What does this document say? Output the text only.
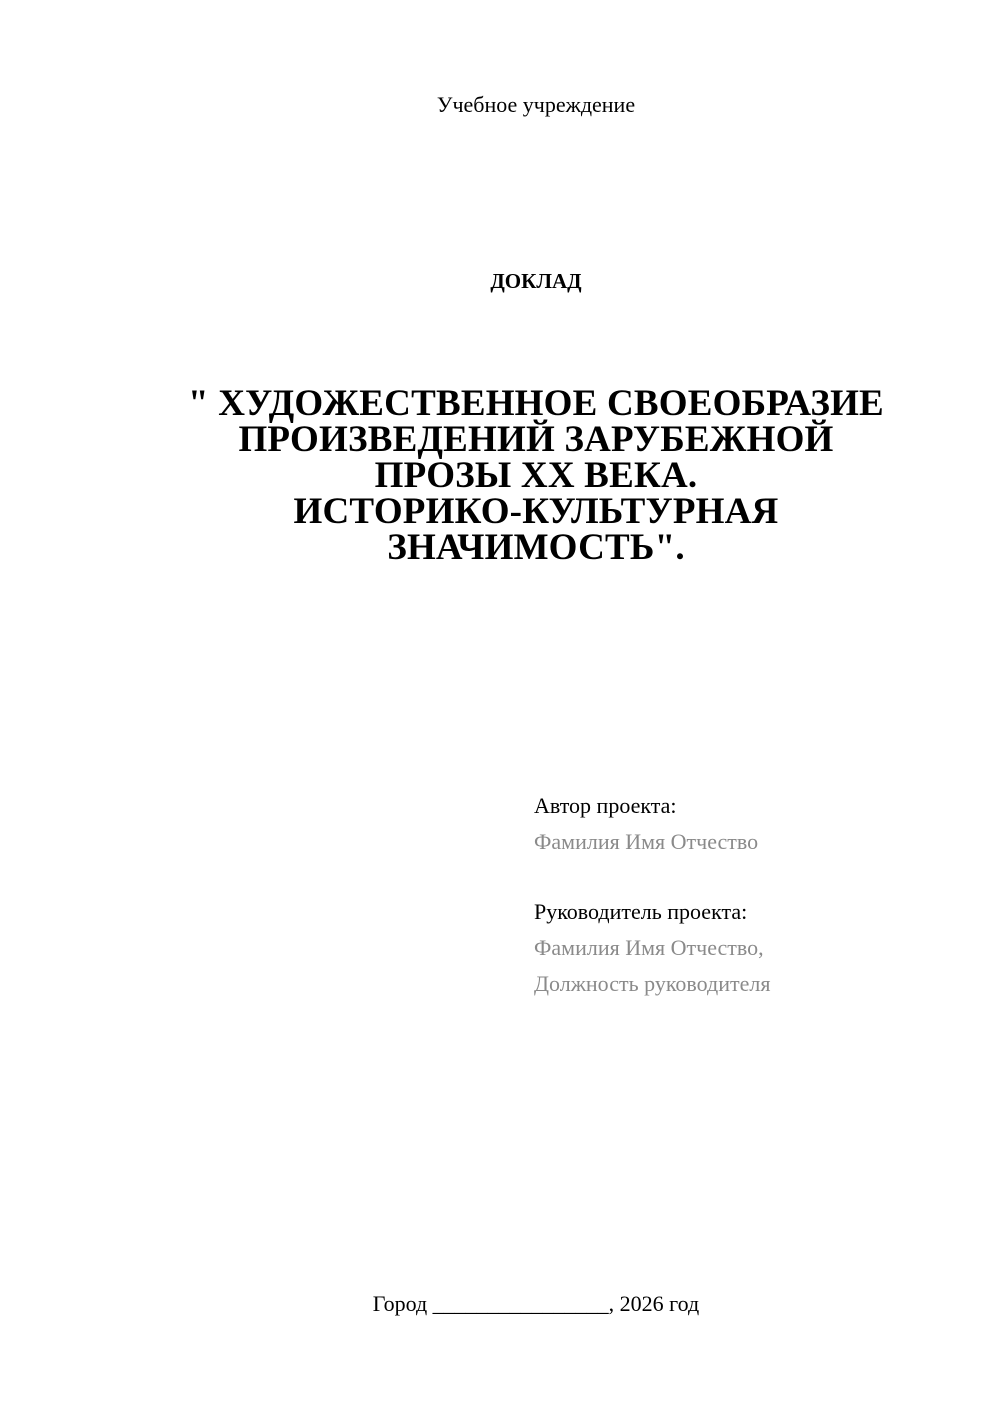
Учебное учреждение
ДОКЛАД
" ХУДОЖЕСТВЕННОЕ СВОЕОБРАЗИЕ
ПРОИЗВЕДЕНИЙ ЗАРУБЕЖНОЙ
ПРОЗЫ XX ВЕКА.
ИСТОРИКО-КУЛЬТУРНАЯ
ЗНАЧИМОСТЬ".
Автор проекта:
Фамилия Имя Отчество
Руководитель проекта:
Фамилия Имя Отчество,
Должность руководителя
Город ________________, 2026 год
